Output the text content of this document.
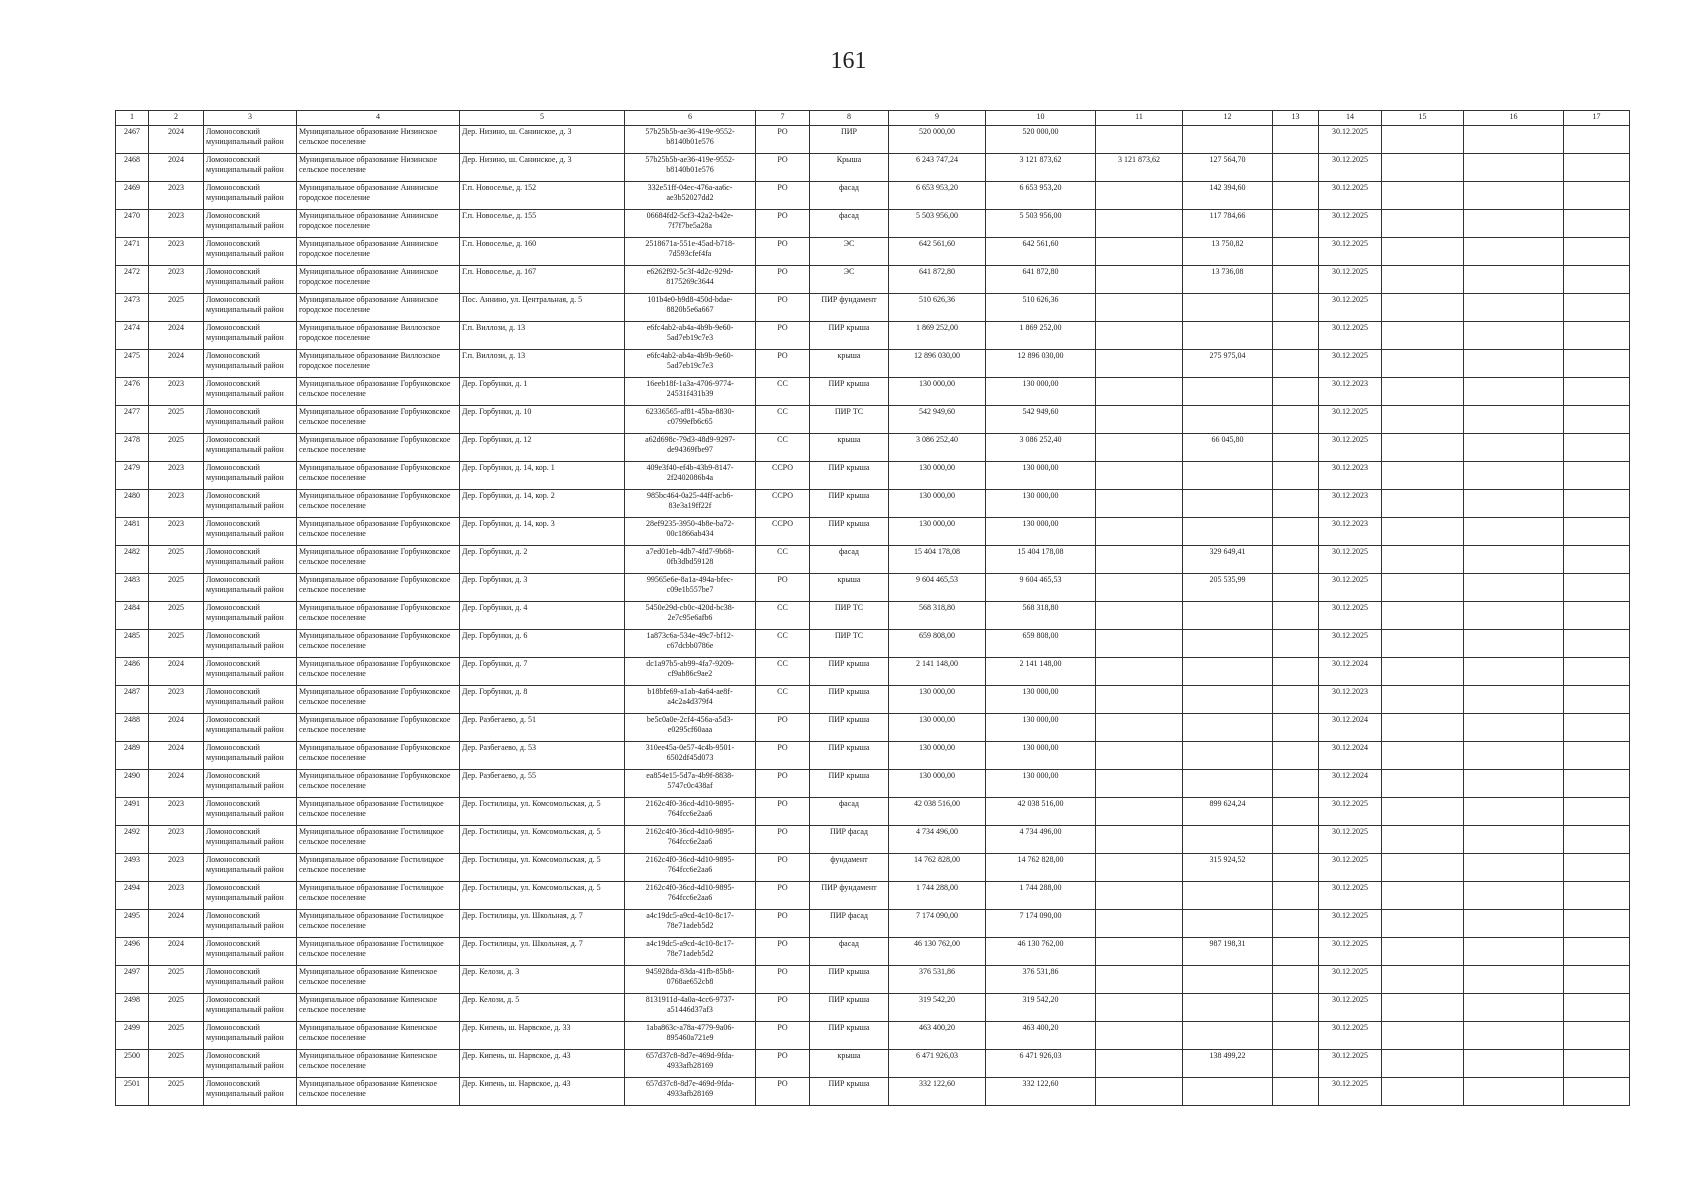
161
1	2	3	4	5	6	7	8	9	10	11	12	13	14	15	16	17
2467	2024	Ломоносовский муниципальный район	Муниципальное образование Низинское сельское поселение	Дер. Низино, ш. Санинское, д. 3	57b25b5b-ae36-419e-9552-b8140b01e576	РО	ПИР	520 000,00	520 000,00				30.12.2025			
2468	2024	Ломоносовский муниципальный район	Муниципальное образование Низинское сельское поселение	Дер. Низино, ш. Санинское, д. 3	57b25b5b-ae36-419e-9552-b8140b01e576	РО	Крыша	6 243 747,24	3 121 873,62	3 121 873,62	127 564,70		30.12.2025			
2469	2023	Ломоносовский муниципальный район	Муниципальное образование Аннинское городское поселение	Г.п. Новоселье, д. 152	332e51ff-04ec-476a-aa6c-ae3b52027dd2	РО	фасад	6 653 953,20	6 653 953,20		142 394,60		30.12.2025			
2470	2023	Ломоносовский муниципальный район	Муниципальное образование Аннинское городское поселение	Г.п. Новоселье, д. 155	06684fd2-5cf3-42a2-b42e-7f7f7be5a28a	РО	фасад	5 503 956,00	5 503 956,00		117 784,66		30.12.2025			
2471	2023	Ломоносовский муниципальный район	Муниципальное образование Аннинское городское поселение	Г.п. Новоселье, д. 160	2518671a-551e-45ad-b718-7d593cfef4fa	РО	ЭС	642 561,60	642 561,60		13 750,82		30.12.2025			
2472	2023	Ломоносовский муниципальный район	Муниципальное образование Аннинское городское поселение	Г.п. Новоселье, д. 167	e6262f92-5c3f-4d2c-929d-8175269c3644	РО	ЭС	641 872,80	641 872,80		13 736,08		30.12.2025			
2473	2025	Ломоносовский муниципальный район	Муниципальное образование Аннинское городское поселение	Пос. Аннино, ул. Центральная, д. 5	101b4e0-b9d8-450d-bdae-8820b5e6a667	РО	ПИР фундамент	510 626,36	510 626,36				30.12.2025			
2474	2024	Ломоносовский муниципальный район	Муниципальное образование Виллозское городское поселение	Г.п. Виллози, д. 13	e6fc4ab2-ab4a-4b9b-9e60-5ad7eb19c7e3	РО	ПИР крыша	1 869 252,00	1 869 252,00				30.12.2025			
2475	2024	Ломоносовский муниципальный район	Муниципальное образование Виллозское городское поселение	Г.п. Виллози, д. 13	e6fc4ab2-ab4a-4b9b-9e60-5ad7eb19c7e3	РО	крыша	12 896 030,00	12 896 030,00		275 975,04		30.12.2025			
2476	2023	Ломоносовский муниципальный район	Муниципальное образование Горбунковское сельское поселение	Дер. Горбунки, д. 1	16eeb18f-1a3a-4706-9774-24531f431b39	СС	ПИР крыша	130 000,00	130 000,00				30.12.2023			
2477	2025	Ломоносовский муниципальный район	Муниципальное образование Горбунковское сельское поселение	Дер. Горбунки, д. 10	62336565-af81-45ba-8830-c0799efb6c65	СС	ПИР ТС	542 949,60	542 949,60				30.12.2025			
2478	2025	Ломоносовский муниципальный район	Муниципальное образование Горбунковское сельское поселение	Дер. Горбунки, д. 12	a62d698c-79d3-48d9-9297-de94369fbe97	СС	крыша	3 086 252,40	3 086 252,40		66 045,80		30.12.2025			
2479	2023	Ломоносовский муниципальный район	Муниципальное образование Горбунковское сельское поселение	Дер. Горбунки, д. 14, кор. 1	409e3f40-ef4b-43b9-8147-2f2402086b4a	ССРО	ПИР крыша	130 000,00	130 000,00				30.12.2023			
2480	2023	Ломоносовский муниципальный район	Муниципальное образование Горбунковское сельское поселение	Дер. Горбунки, д. 14, кор. 2	985bc464-0a25-44ff-acb6-83e3a19ff22f	ССРО	ПИР крыша	130 000,00	130 000,00				30.12.2023			
2481	2023	Ломоносовский муниципальный район	Муниципальное образование Горбунковское сельское поселение	Дер. Горбунки, д. 14, кор. 3	28ef9235-3950-4b8e-ba72-00c1866ab434	ССРО	ПИР крыша	130 000,00	130 000,00				30.12.2023			
2482	2025	Ломоносовский муниципальный район	Муниципальное образование Горбунковское сельское поселение	Дер. Горбунки, д. 2	a7ed01eb-4db7-4fd7-9b68-0fb3dbd59128	СС	фасад	15 404 178,08	15 404 178,08		329 649,41		30.12.2025			
2483	2025	Ломоносовский муниципальный район	Муниципальное образование Горбунковское сельское поселение	Дер. Горбунки, д. 3	99565e6e-8a1a-494a-bfec-c09e1b557be7	РО	крыша	9 604 465,53	9 604 465,53		205 535,99		30.12.2025			
2484	2025	Ломоносовский муниципальный район	Муниципальное образование Горбунковское сельское поселение	Дер. Горбунки, д. 4	5450e29d-cb0c-420d-bc38-2e7c95e6afb6	СС	ПИР ТС	568 318,80	568 318,80				30.12.2025			
2485	2025	Ломоносовский муниципальный район	Муниципальное образование Горбунковское сельское поселение	Дер. Горбунки, д. 6	1a873c6a-534e-49c7-bf12-c67dcbb0786e	СС	ПИР ТС	659 808,00	659 808,00				30.12.2025			
2486	2024	Ломоносовский муниципальный район	Муниципальное образование Горбунковское сельское поселение	Дер. Горбунки, д. 7	dc1a97b5-ab99-4fa7-9209-cf9ab86c9ae2	СС	ПИР крыша	2 141 148,00	2 141 148,00				30.12.2024			
2487	2023	Ломоносовский муниципальный район	Муниципальное образование Горбунковское сельское поселение	Дер. Горбунки, д. 8	b18bfe69-a1ab-4a64-ae8f-a4c2a4d379f4	СС	ПИР крыша	130 000,00	130 000,00				30.12.2023			
2488	2024	Ломоносовский муниципальный район	Муниципальное образование Горбунковское сельское поселение	Дер. Разбегаево, д. 51	be5c0a0e-2cf4-456a-a5d3-e0295cf60aaa	РО	ПИР крыша	130 000,00	130 000,00				30.12.2024			
2489	2024	Ломоносовский муниципальный район	Муниципальное образование Горбунковское сельское поселение	Дер. Разбегаево, д. 53	310ee45a-0e57-4c4b-9501-6502df45d073	РО	ПИР крыша	130 000,00	130 000,00				30.12.2024			
2490	2024	Ломоносовский муниципальный район	Муниципальное образование Горбунковское сельское поселение	Дер. Разбегаево, д. 55	ea854e15-5d7a-4b9f-8838-5747c0c438af	РО	ПИР крыша	130 000,00	130 000,00				30.12.2024			
2491	2023	Ломоносовский муниципальный район	Муниципальное образование Гостилицкое сельское поселение	Дер. Гостилицы, ул. Комсомольская, д. 5	2162c4f0-36cd-4d10-9895-764fcc6e2aa6	РО	фасад	42 038 516,00	42 038 516,00		899 624,24		30.12.2025			
2492	2023	Ломоносовский муниципальный район	Муниципальное образование Гостилицкое сельское поселение	Дер. Гостилицы, ул. Комсомольская, д. 5	2162c4f0-36cd-4d10-9895-764fcc6e2aa6	РО	ПИР фасад	4 734 496,00	4 734 496,00				30.12.2025			
2493	2023	Ломоносовский муниципальный район	Муниципальное образование Гостилицкое сельское поселение	Дер. Гостилицы, ул. Комсомольская, д. 5	2162c4f0-36cd-4d10-9895-764fcc6e2aa6	РО	фундамент	14 762 828,00	14 762 828,00		315 924,52		30.12.2025			
2494	2023	Ломоносовский муниципальный район	Муниципальное образование Гостилицкое сельское поселение	Дер. Гостилицы, ул. Комсомольская, д. 5	2162c4f0-36cd-4d10-9895-764fcc6e2aa6	РО	ПИР фундамент	1 744 288,00	1 744 288,00				30.12.2025			
2495	2024	Ломоносовский муниципальный район	Муниципальное образование Гостилицкое сельское поселение	Дер. Гостилицы, ул. Школьная, д. 7	a4c19dc5-a9cd-4c10-8c17-78e71adeb5d2	РО	ПИР фасад	7 174 090,00	7 174 090,00				30.12.2025			
2496	2024	Ломоносовский муниципальный район	Муниципальное образование Гостилицкое сельское поселение	Дер. Гостилицы, ул. Школьная, д. 7	a4c19dc5-a9cd-4c10-8c17-78e71adeb5d2	РО	фасад	46 130 762,00	46 130 762,00		987 198,31		30.12.2025			
2497	2025	Ломоносовский муниципальный район	Муниципальное образование Кипенское сельское поселение	Дер. Келози, д. 3	945928da-83da-41fb-85b8-0768ae652cb8	РО	ПИР крыша	376 531,86	376 531,86				30.12.2025			
2498	2025	Ломоносовский муниципальный район	Муниципальное образование Кипенское сельское поселение	Дер. Келози, д. 5	8131911d-4a0a-4cc6-9737-a51446d37af3	РО	ПИР крыша	319 542,20	319 542,20				30.12.2025			
2499	2025	Ломоносовский муниципальный район	Муниципальное образование Кипенское сельское поселение	Дер. Кипень, ш. Нарвское, д. 33	1aba863c-a78a-4779-9a06-895460a721e9	РО	ПИР крыша	463 400,20	463 400,20				30.12.2025			
2500	2025	Ломоносовский муниципальный район	Муниципальное образование Кипенское сельское поселение	Дер. Кипень, ш. Нарвское, д. 43	657d37c8-8d7e-469d-9fda-4933afb28169	РО	крыша	6 471 926,03	6 471 926,03		138 499,22		30.12.2025			
2501	2025	Ломоносовский муниципальный район	Муниципальное образование Кипенское сельское поселение	Дер. Кипень, ш. Нарвское, д. 43	657d37c8-8d7e-469d-9fda-4933afb28169	РО	ПИР крыша	332 122,60	332 122,60				30.12.2025			
